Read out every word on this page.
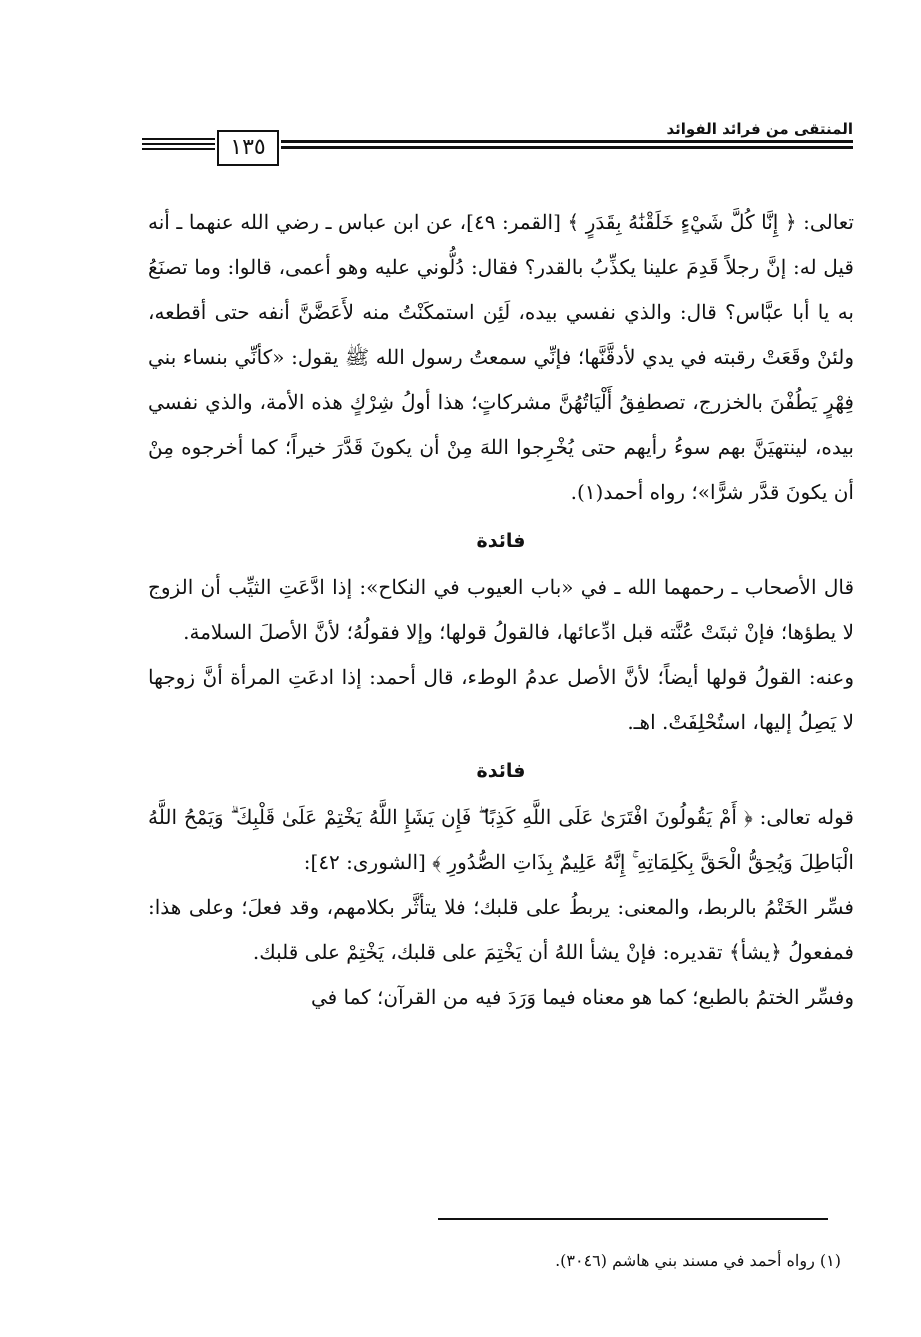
المنتقى من فرائد الفوائد
١٣٥

تعالى: ﴿ إِنَّا كُلَّ شَيْءٍ خَلَقْنَٰهُ بِقَدَرٍ ﴾ [القمر: ٤٩]، عن ابن عباس ـ رضي الله عنهما ـ أنه قيل له: إنَّ رجلاً قَدِمَ علينا يكذِّبُ بالقدر؟ فقال: دُلُّوني عليه وهو أعمى، قالوا: وما تصنَعُ به يا أبا عبَّاس؟ قال: والذي نفسي بيده، لَئِن استمكَنْتُ منه لأَعَضَّنَّ أنفه حتى أقطعه، ولئنْ وقَعَتْ رقبته في يدي لأدقَّنَّها؛ فإنِّي سمعتُ رسول الله ﷺ يقول: «كأنِّي بنساء بني فِهْرٍ يَطُفْنَ بالخزرج، تصطفِقُ أَلْيَاتُهُنَّ مشركاتٍ؛ هذا أولُ شِرْكٍ هذه الأمة، والذي نفسي بيده، لينتهيَنَّ بهم سوءُ رأيهم حتى يُخْرِجوا اللهَ مِنْ أن يكونَ قَدَّرَ خيراً؛ كما أخرجوه مِنْ أن يكونَ قدَّر شرًّا»؛ رواه أحمد(١).

فائدة

قال الأصحاب ـ رحمهما الله ـ في «باب العيوب في النكاح»: إذا ادَّعَتِ الثيِّب أن الزوج لا يطؤها؛ فإنْ ثبتَتْ عُنَّته قبل ادِّعائها، فالقولُ قولها؛ وإلا فقولُهُ؛ لأنَّ الأصلَ السلامة.

وعنه: القولُ قولها أيضاً؛ لأنَّ الأصل عدمُ الوطء، قال أحمد: إذا ادعَتِ المرأة أنَّ زوجها لا يَصِلُ إليها، استُحْلِفَتْ. اهـ.

فائدة

قوله تعالى: ﴿ أَمْ يَقُولُونَ افْتَرَىٰ عَلَى اللَّهِ كَذِبًا ۖ فَإِن يَشَإِ اللَّهُ يَخْتِمْ عَلَىٰ قَلْبِكَ ۗ وَيَمْحُ اللَّهُ الْبَاطِلَ وَيُحِقُّ الْحَقَّ بِكَلِمَاتِهِ ۚ إِنَّهُ عَلِيمٌ بِذَاتِ الصُّدُورِ ﴾ [الشورى: ٤٢]:

فسِّر الخَتْمُ بالربط، والمعنى: يربطُ على قلبك؛ فلا يتأثَّر بكلامهم، وقد فعلَ؛ وعلى هذا: فمفعولُ ﴿يشأ﴾ تقديره: فإنْ يشأ اللهُ أن يَخْتِمَ على قلبك، يَخْتِمْ على قلبك.

وفسِّر الختمُ بالطبع؛ كما هو معناه فيما وَرَدَ فيه من القرآن؛ كما في

(١) رواه أحمد في مسند بني هاشم (٣٠٤٦).
